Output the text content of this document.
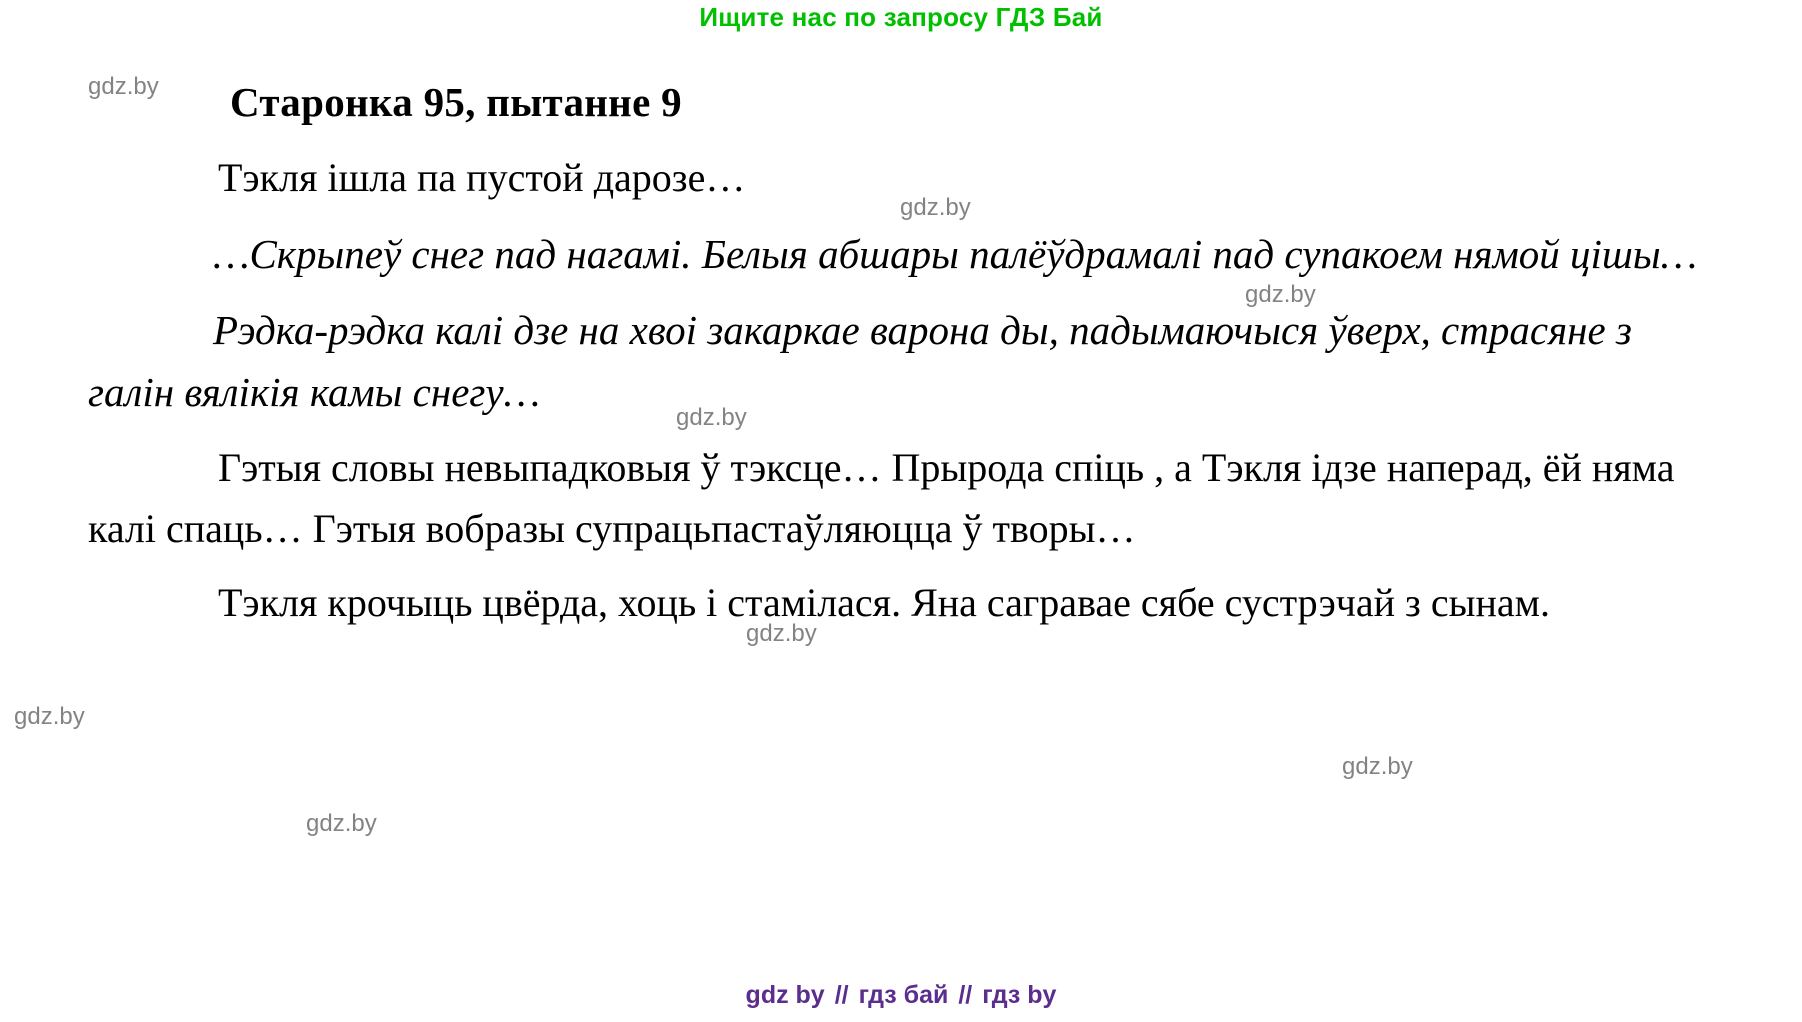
Ищите нас по запросу ГДЗ Бай
gdz.by
gdz.by
gdz.by
gdz.by
gdz.by
gdz.by
gdz.by
gdz.by
Старонка 95, пытанне 9

Тэкля ішла па пустой дарозе…

…Скрыпеў снег пад нагамі. Белыя абшары палёўдрамалі пад супакоем нямой цішы…

Рэдка-рэдка калі дзе на хвоі закаркае варона ды, падымаючыся ўверх, страсяне з галін вялікія камы снегу…

Гэтыя словы невыпадковыя ў тэксце… Прырода спіць , а Тэкля ідзе наперад, ёй няма калі спаць… Гэтыя вобразы супрацьпастаўляюцца ў творы…

Тэкля крочыць цвёрда, хоць і стамілася. Яна сагравае сябе сустрэчай з сынам.

gdz by // гдз бай // гдз by
